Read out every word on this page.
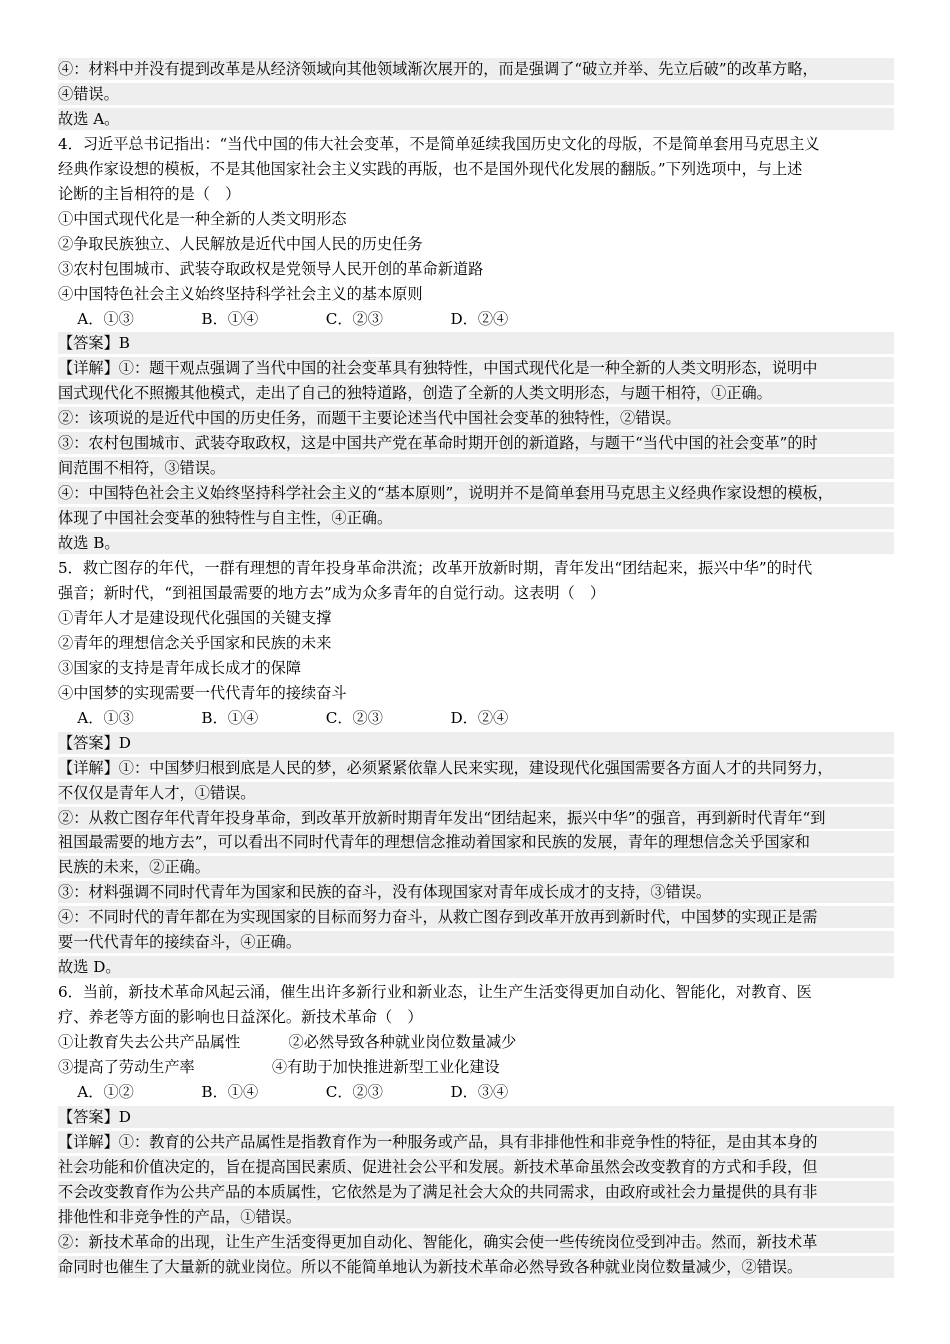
④：材料中并没有提到改革是从经济领域向其他领域渐次展开的，而是强调了“破立并举、先立后破”的改革方略，
④错误。
故选 A。
4．习近平总书记指出：“当代中国的伟大社会变革，不是简单延续我国历史文化的母版，不是简单套用马克思主义
经典作家设想的模板，不是其他国家社会主义实践的再版，也不是国外现代化发展的翻版。”下列选项中，与上述
论断的主旨相符的是（　）
①中国式现代化是一种全新的人类文明形态
②争取民族独立、人民解放是近代中国人民的历史任务
③农村包围城市、武装夺取政权是党领导人民开创的革命新道路
④中国特色社会主义始终坚持科学社会主义的基本原则
A．①③              B．①④              C．②③              D．②④
【答案】B
【详解】①：题干观点强调了当代中国的社会变革具有独特性，中国式现代化是一种全新的人类文明形态，说明中
国式现代化不照搬其他模式，走出了自己的独特道路，创造了全新的人类文明形态，与题干相符，①正确。
②：该项说的是近代中国的历史任务，而题干主要论述当代中国社会变革的独特性，②错误。
③：农村包围城市、武装夺取政权，这是中国共产党在革命时期开创的新道路，与题干“当代中国的社会变革”的时
间范围不相符，③错误。
④：中国特色社会主义始终坚持科学社会主义的“基本原则”，说明并不是简单套用马克思主义经典作家设想的模板，
体现了中国社会变革的独特性与自主性，④正确。
故选 B。
5．救亡图存的年代，一群有理想的青年投身革命洪流；改革开放新时期，青年发出“团结起来，振兴中华”的时代
强音；新时代，“到祖国最需要的地方去”成为众多青年的自觉行动。这表明（　）
①青年人才是建设现代化强国的关键支撑
②青年的理想信念关乎国家和民族的未来
③国家的支持是青年成长成才的保障
④中国梦的实现需要一代代青年的接续奋斗
A．①③              B．①④              C．②③              D．②④
【答案】D
【详解】①：中国梦归根到底是人民的梦，必须紧紧依靠人民来实现，建设现代化强国需要各方面人才的共同努力，
不仅仅是青年人才，①错误。
②：从救亡图存年代青年投身革命，到改革开放新时期青年发出“团结起来，振兴中华”的强音，再到新时代青年“到
祖国最需要的地方去”，可以看出不同时代青年的理想信念推动着国家和民族的发展，青年的理想信念关乎国家和
民族的未来，②正确。
③：材料强调不同时代青年为国家和民族的奋斗，没有体现国家对青年成长成才的支持，③错误。
④：不同时代的青年都在为实现国家的目标而努力奋斗，从救亡图存到改革开放再到新时代，中国梦的实现正是需
要一代代青年的接续奋斗，④正确。
故选 D。
6．当前，新技术革命风起云涌，催生出许多新行业和新业态，让生产生活变得更加自动化、智能化，对教育、医
疗、养老等方面的影响也日益深化。新技术革命（　）
①让教育失去公共产品属性          ②必然导致各种就业岗位数量减少
③提高了劳动生产率                ④有助于加快推进新型工业化建设
A．①②              B．①④              C．②③              D．③④
【答案】D
【详解】①：教育的公共产品属性是指教育作为一种服务或产品，具有非排他性和非竞争性的特征，是由其本身的
社会功能和价值决定的，旨在提高国民素质、促进社会公平和发展。新技术革命虽然会改变教育的方式和手段，但
不会改变教育作为公共产品的本质属性，它依然是为了满足社会大众的共同需求，由政府或社会力量提供的具有非
排他性和非竞争性的产品，①错误。
②：新技术革命的出现，让生产生活变得更加自动化、智能化，确实会使一些传统岗位受到冲击。然而，新技术革
命同时也催生了大量新的就业岗位。所以不能简单地认为新技术革命必然导致各种就业岗位数量减少，②错误。
